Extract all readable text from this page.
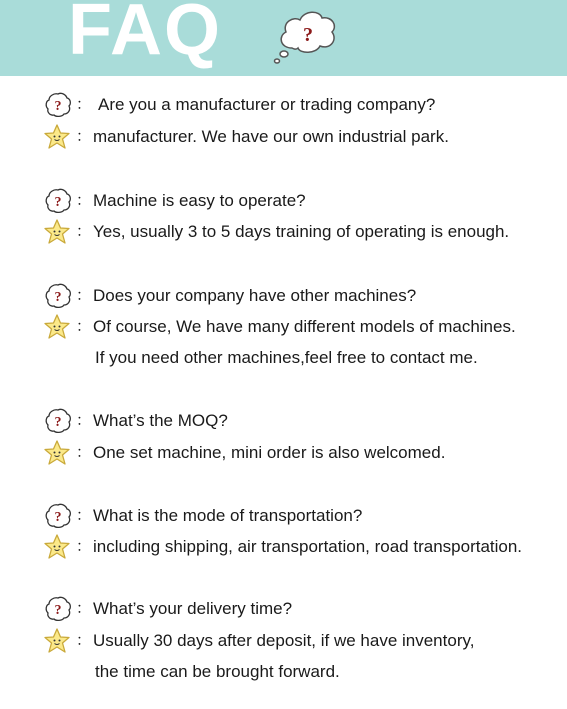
FAQ	?
? ： Are you a manufacturer or trading company?
： manufacturer. We have our own industrial park.
? ： Machine is easy to operate?
： Yes, usually 3 to 5 days training of operating is enough.
? ： Does your company have other machines?
： Of course, We have many different models of machines.
If you need other machines,feel free to contact me.
? ： What’s the MOQ?
： One set machine, mini order is also welcomed.
? ： What is the mode of transportation?
： including shipping, air transportation, road transportation.
? ： What’s your delivery time?
： Usually 30 days after deposit, if we have inventory,
the time can be brought forward.
